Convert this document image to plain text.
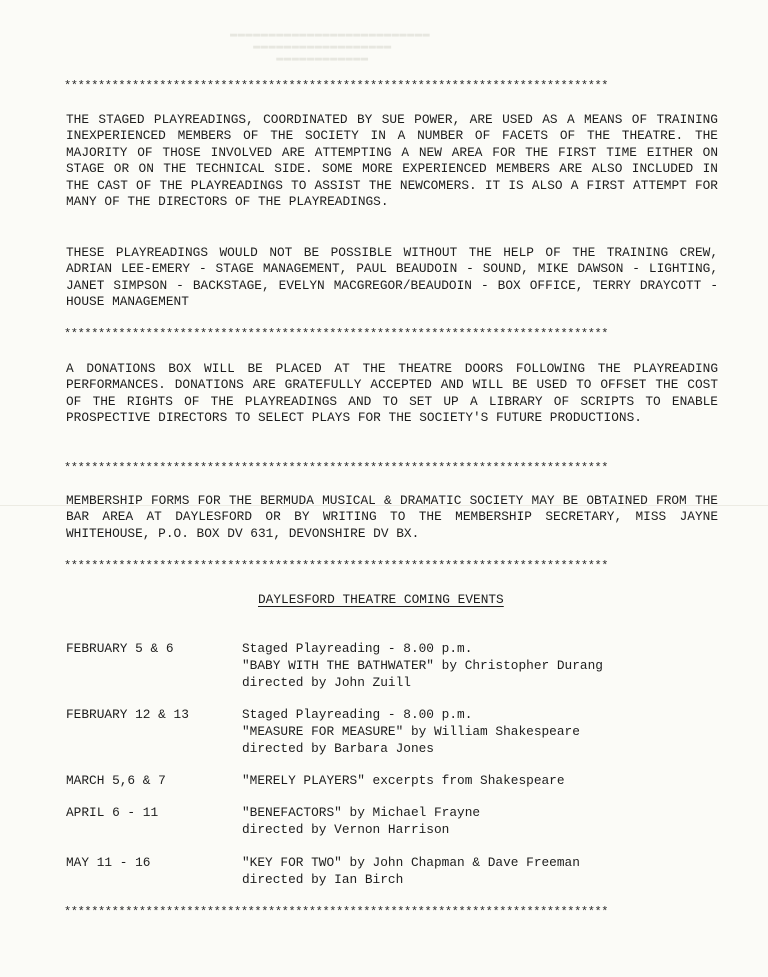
▬▬▬▬▬▬▬▬▬▬▬▬▬▬▬▬▬▬▬▬▬▬▬▬▬▬
▬▬▬▬▬▬▬▬▬▬▬▬▬▬▬▬▬▬
▬▬▬▬▬▬▬▬▬▬▬▬
********************************************************************************

THE STAGED PLAYREADINGS, COORDINATED BY SUE POWER, ARE USED AS A MEANS OF TRAINING INEXPERIENCED MEMBERS OF THE SOCIETY IN A NUMBER OF FACETS OF THE THEATRE. THE MAJORITY OF THOSE INVOLVED ARE ATTEMPTING A NEW AREA FOR THE FIRST TIME EITHER ON STAGE OR ON THE TECHNICAL SIDE. SOME MORE EXPERIENCED MEMBERS ARE ALSO INCLUDED IN THE CAST OF THE PLAYREADINGS TO ASSIST THE NEWCOMERS. IT IS ALSO A FIRST ATTEMPT FOR MANY OF THE DIRECTORS OF THE PLAYREADINGS.

THESE PLAYREADINGS WOULD NOT BE POSSIBLE WITHOUT THE HELP OF THE TRAINING CREW, ADRIAN LEE-EMERY - STAGE MANAGEMENT, PAUL BEAUDOIN - SOUND, MIKE DAWSON - LIGHTING, JANET SIMPSON - BACKSTAGE, EVELYN MACGREGOR/BEAUDOIN - BOX OFFICE, TERRY DRAYCOTT - HOUSE MANAGEMENT

********************************************************************************

A DONATIONS BOX WILL BE PLACED AT THE THEATRE DOORS FOLLOWING THE PLAYREADING PERFORMANCES. DONATIONS ARE GRATEFULLY ACCEPTED AND WILL BE USED TO OFFSET THE COST OF THE RIGHTS OF THE PLAYREADINGS AND TO SET UP A LIBRARY OF SCRIPTS TO ENABLE PROSPECTIVE DIRECTORS TO SELECT PLAYS FOR THE SOCIETY'S FUTURE PRODUCTIONS.

********************************************************************************

MEMBERSHIP FORMS FOR THE BERMUDA MUSICAL & DRAMATIC SOCIETY MAY BE OBTAINED FROM THE BAR AREA AT DAYLESFORD OR BY WRITING TO THE MEMBERSHIP SECRETARY, MISS JAYNE WHITEHOUSE, P.O. BOX DV 631, DEVONSHIRE DV BX.

********************************************************************************
DAYLESFORD THEATRE COMING EVENTS
FEBRUARY 5 & 6	Staged Playreading - 8.00 p.m.
"BABY WITH THE BATHWATER" by Christopher Durang
directed by John Zuill
FEBRUARY 12 & 13	Staged Playreading - 8.00 p.m.
"MEASURE FOR MEASURE" by William Shakespeare
directed by Barbara Jones
MARCH 5,6 & 7	"MERELY PLAYERS" excerpts from Shakespeare
APRIL 6 - 11	"BENEFACTORS" by Michael Frayne
directed by Vernon Harrison
MAY 11 - 16	"KEY FOR TWO" by John Chapman & Dave Freeman
directed by Ian Birch
********************************************************************************
